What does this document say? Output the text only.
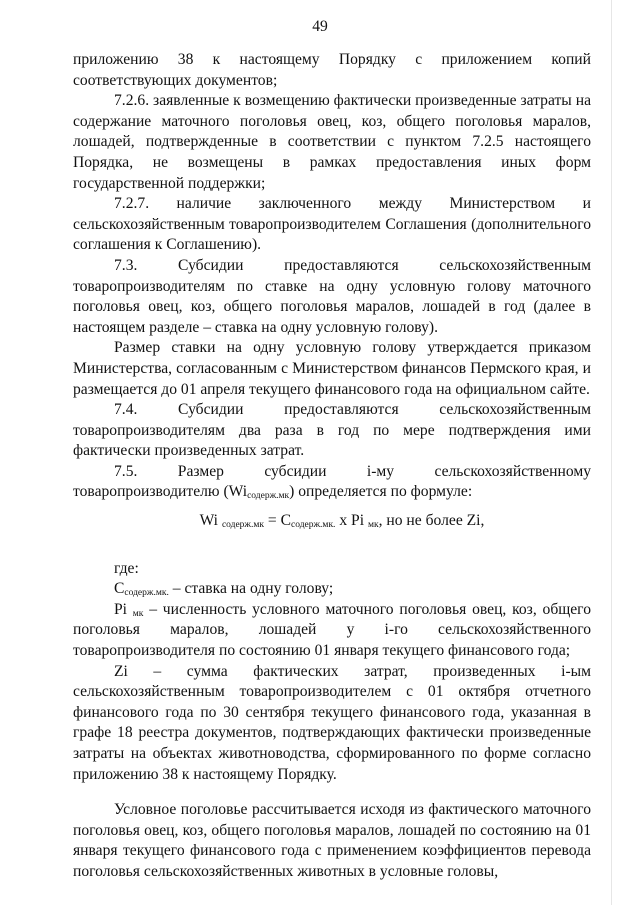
49

приложению 38 к настоящему Порядку с приложением копий соответствующих документов;

7.2.6. заявленные к возмещению фактически произведенные затраты на содержание маточного поголовья овец, коз, общего поголовья маралов, лошадей, подтвержденные в соответствии с пунктом 7.2.5 настоящего Порядка, не возмещены в рамках предоставления иных форм государственной поддержки;

7.2.7. наличие заключенного между Министерством и сельскохозяйственным товаропроизводителем Соглашения (дополнительного соглашения к Соглашению).

7.3. Субсидии предоставляются сельскохозяйственным товаропроизводителям по ставке на одну условную голову маточного поголовья овец, коз, общего поголовья маралов, лошадей в год (далее в настоящем разделе – ставка на одну условную голову).

Размер ставки на одну условную голову утверждается приказом Министерства, согласованным с Министерством финансов Пермского края, и размещается до 01 апреля текущего финансового года на официальном сайте.

7.4. Субсидии предоставляются сельскохозяйственным товаропроизводителям два раза в год по мере подтверждения ими фактически произведенных затрат.

7.5. Размер субсидии i-му сельскохозяйственному товаропроизводителю $(Wi_{содерж.мк})$ определяется по формуле:

Wi $_{содерж.мк} = С_{содерж.мк.}$ x Pi $_{мк}$, но не более Zi,

где:

$С_{содерж.мк.}$ – ставка на одну голову;

Pi $_{мк}$ – численность условного маточного поголовья овец, коз, общего поголовья маралов, лошадей у i-го сельскохозяйственного товаропроизводителя по состоянию 01 января текущего финансового года;

Zi – сумма фактических затрат, произведенных i-ым сельскохозяйственным товаропроизводителем с 01 октября отчетного финансового года по 30 сентября текущего финансового года, указанная в графе 18 реестра документов, подтверждающих фактически произведенные затраты на объектах животноводства, сформированного по форме согласно приложению 38 к настоящему Порядку.

Условное поголовье рассчитывается исходя из фактического маточного поголовья овец, коз, общего поголовья маралов, лошадей по состоянию на 01 января текущего финансового года с применением коэффициентов перевода поголовья сельскохозяйственных животных в условные головы,
